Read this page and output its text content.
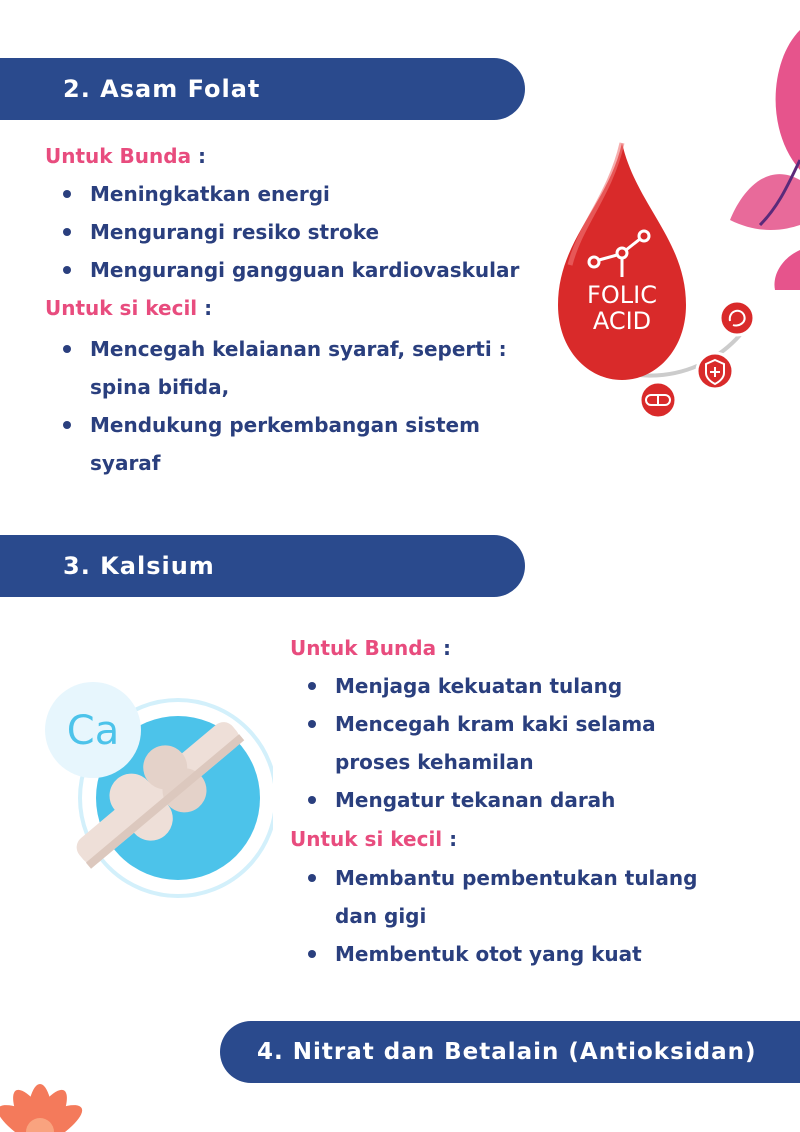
2. Asam Folat
Untuk Bunda :
Meningkatkan energi
Mengurangi resiko stroke
Mengurangi gangguan kardiovaskular
Untuk si kecil :
Mencegah kelaianan syaraf, seperti : spina bifida,
Mendukung perkembangan sistem syaraf
FOLIC
ACID
3. Kalsium
Untuk Bunda :
Menjaga kekuatan tulang
Mencegah kram kaki selama proses kehamilan
Mengatur tekanan darah
Untuk si kecil :
Membantu pembentukan tulang dan gigi
Membentuk otot yang kuat
Ca
4. Nitrat dan Betalain (Antioksidan)
